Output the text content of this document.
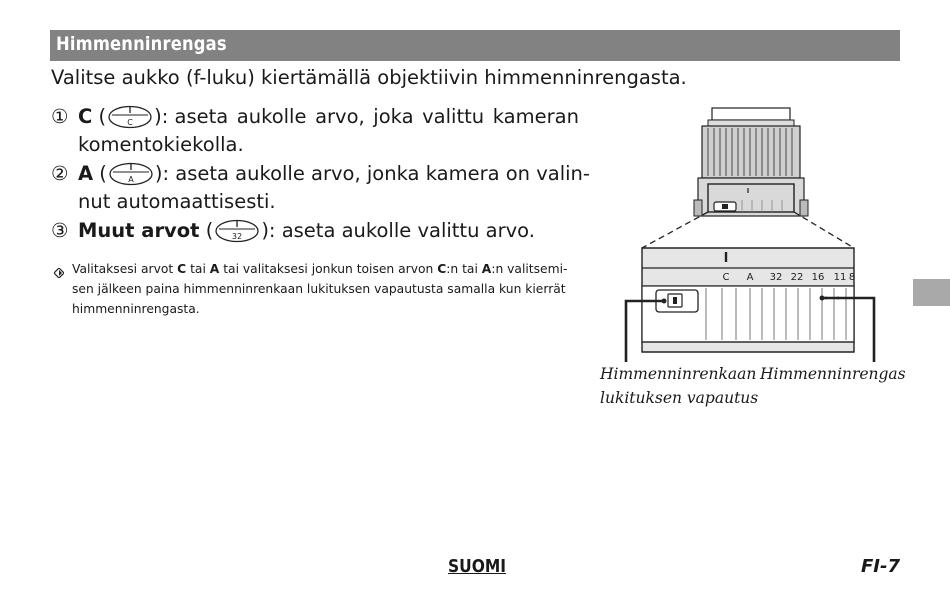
Himmenninrengas
Valitse aukko (f-luku) kiertämällä objektiivin himmenninrengasta.
① C (	C ): aseta aukolle arvo, joka valittu kameran
komentokiekolla.
② A (	A ): aseta aukolle arvo, jonka kamera on valin-
nut automaattisesti.
③ Muut arvot ( 32 ): aseta aukolle valittu arvo.
Valitaksesi arvot C tai A tai valitaksesi jonkun toisen arvon C:n tai A:n valitsemi-
sen jälkeen paina himmenninrenkaan lukituksen vapautusta samalla kun kierrät
himmenninrengasta.
C A 32 22 16 11 8
Himmenninrenkaan
lukituksen vapautus
Himmenninrengas
SUOMI	FI-7
